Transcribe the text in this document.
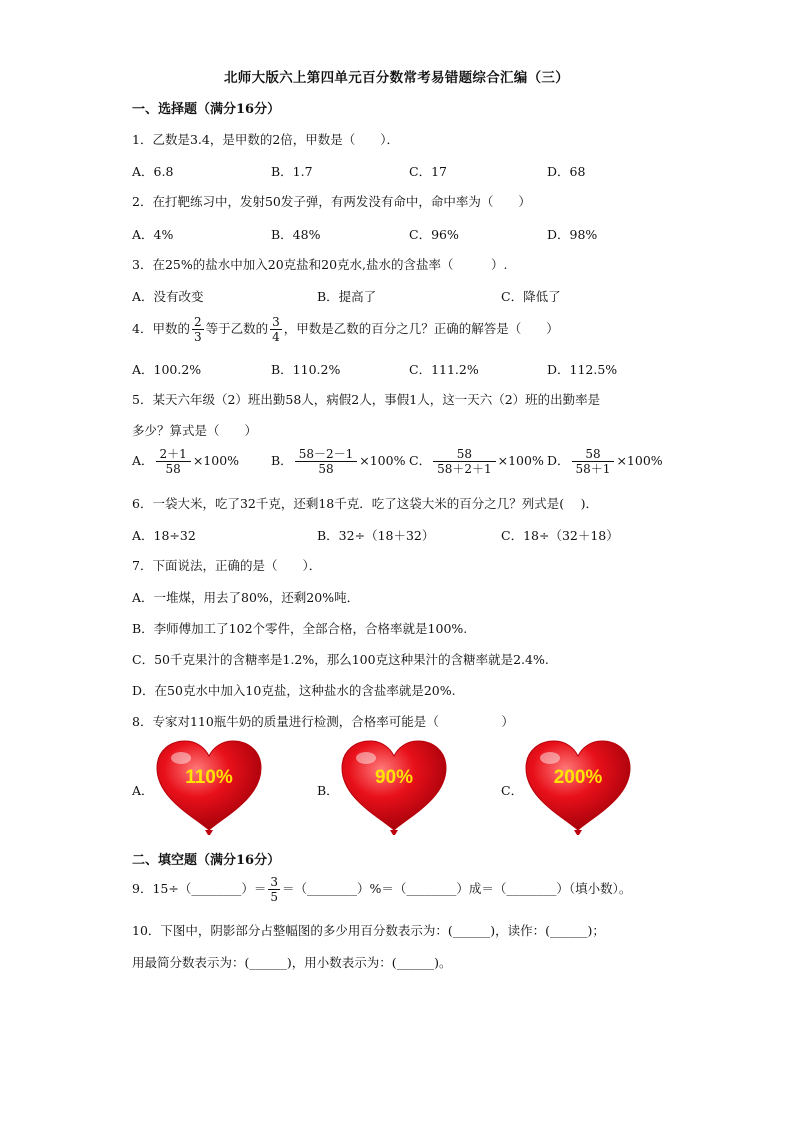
北师大版六上第四单元百分数常考易错题综合汇编（三）
一、选择题（满分16分）
1．乙数是3.4，是甲数的2倍，甲数是（　　）．
A．6.8	B．1.7	C．17	D．68
2．在打靶练习中，发射50发子弹，有两发没有命中，命中率为（　　）
A．4%	B．48%	C．96%	D．98%
3．在25%的盐水中加入20克盐和20克水,盐水的含盐率（　　　）.
A．没有改变	B．提高了	C．降低了
4．甲数的 $\frac{2}{3}$ 等于乙数的 $\frac{3}{4}$ ，甲数是乙数的百分之几？正确的解答是（　　）
A．100.2%	B．110.2%	C．111.2%	D．112.5%
5．某天六年级（2）班出勤58人，病假2人，事假1人，这一天六（2）班的出勤率是
多少？算式是（　　）
A． $\frac{2+1}{58} \times 100\%$	B． $\frac{58-2-1}{58} \times 100\%$ C． $\frac{58}{58+2+1} \times 100\%$ D． $\frac{58}{58+1} \times 100\%$
6．一袋大米，吃了32千克，还剩18千克．吃了这袋大米的百分之几？列式是(　 )．
A．18÷32	B．32÷（18＋32）	C．18÷（32＋18）
7．下面说法，正确的是（　　）．
A．一堆煤，用去了80%，还剩20%吨．
B．李师傅加工了102个零件，全部合格，合格率就是100%.
C．50千克果汁的含糖率是1.2%，那么100克这种果汁的含糖率就是2.4%.
D．在50克水中加入10克盐，这种盐水的含盐率就是20%.
8．专家对110瓶牛奶的质量进行检测，合格率可能是（　　　　　）
A．
110%
B．
90%
C．
200%
二、填空题（满分16分）
9．15÷（________）＝ $\frac{3}{5}$ ＝（________）%＝（________）成＝（________）（填小数）。
10．下图中，阴影部分占整幅图的多少用百分数表示为：(______)，读作：(______)；
用最简分数表示为：(______)，用小数表示为：(______)。
